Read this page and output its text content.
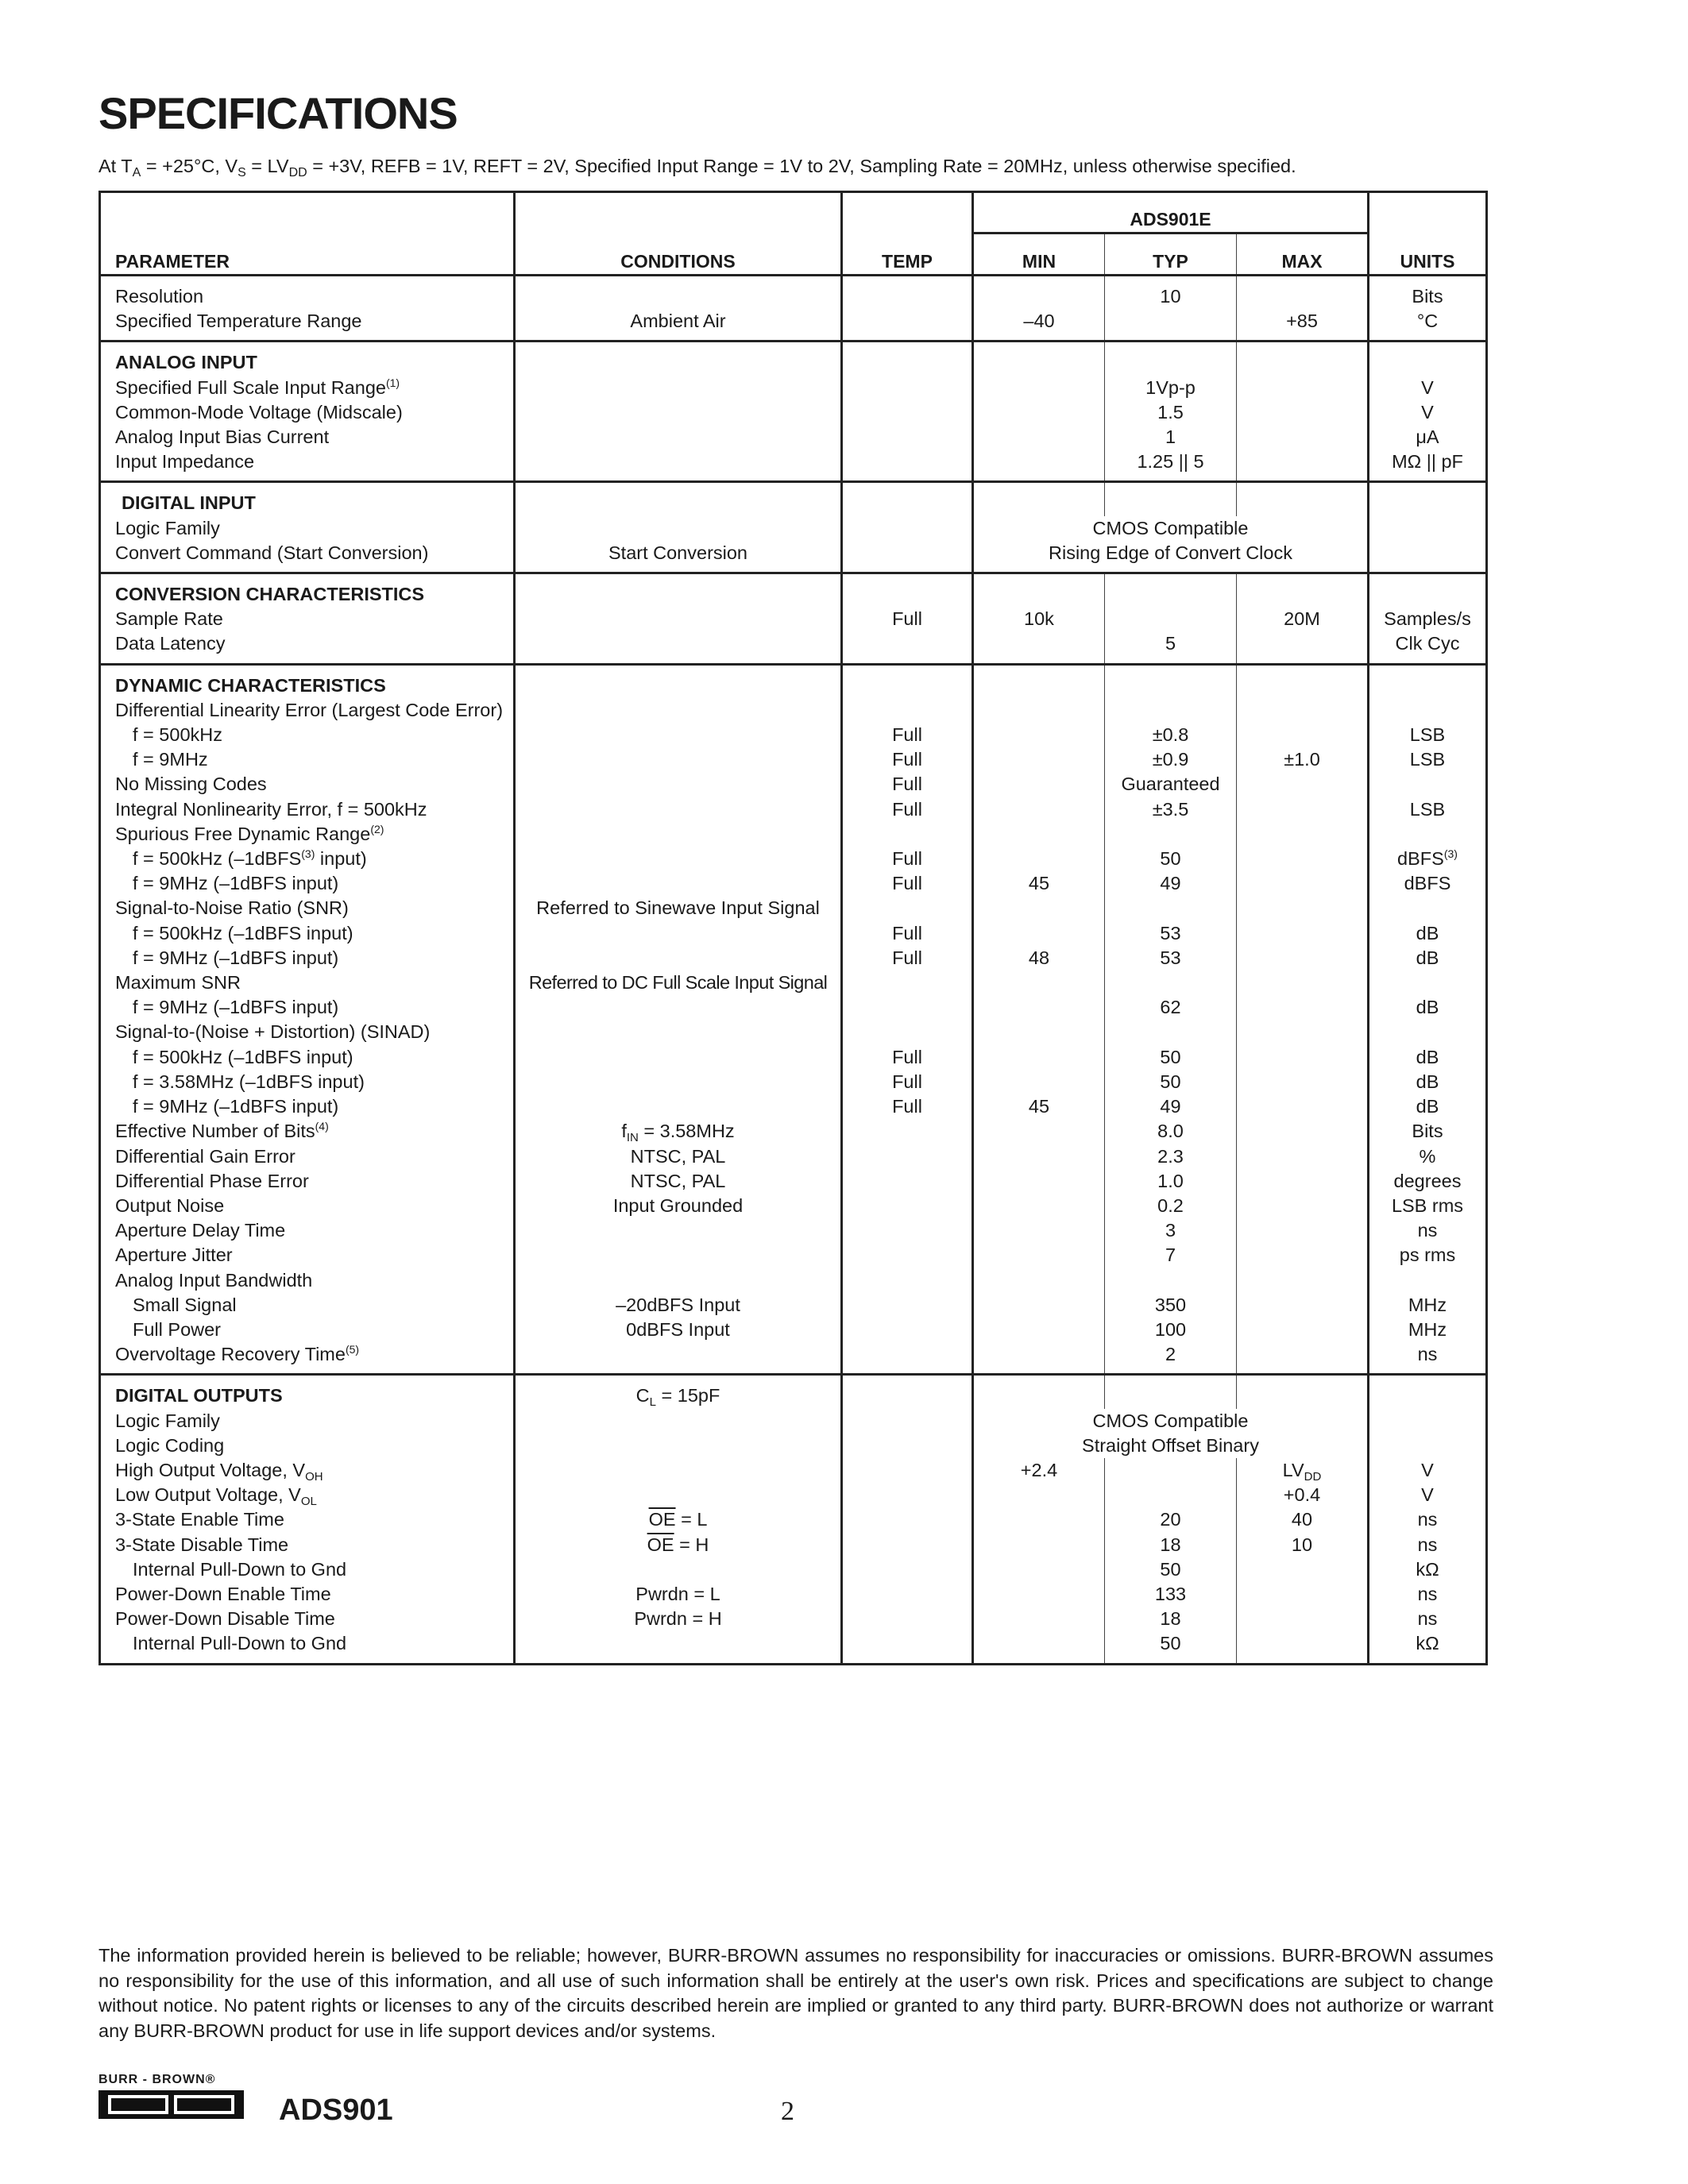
SPECIFICATIONS
At $T_A = +25^\circ C$, $V_S = LV_{DD} = +3V$, REFB = 1V, REFT = 2V, Specified Input Range = 1V to 2V, Sampling Rate = 20MHz, unless otherwise specified.
			ADS901E			
PARAMETER	CONDITIONS	TEMP	MIN	TYP	MAX	UNITS
Resolution				10		Bits
Specified Temperature Range	Ambient Air		–40		+85	°C
ANALOG INPUT						
Specified Full Scale Input Range$^{(1)}$				1Vp-p		V
Common-Mode Voltage (Midscale)				1.5		V
Analog Input Bias Current				1		μA
Input Impedance				1.25 || 5		MΩ || pF
DIGITAL INPUT						
Logic Family			CMOS Compatible			
Convert Command (Start Conversion)	Start Conversion		Rising Edge of Convert Clock			
CONVERSION CHARACTERISTICS						
Sample Rate		Full	10k		20M	Samples/s
Data Latency				5		Clk Cyc
DYNAMIC CHARACTERISTICS						
Differential Linearity Error (Largest Code Error)						
f = 500kHz		Full		±0.8		LSB
f = 9MHz		Full		±0.9	±1.0	LSB
No Missing Codes		Full		Guaranteed		
Integral Nonlinearity Error, f = 500kHz		Full		±3.5		LSB
Spurious Free Dynamic Range$^{(2)}$						
f = 500kHz (–1dBFS$^{(3)}$ input)		Full		50		dBFS$^{(3)}$
f = 9MHz (–1dBFS input)		Full	45	49		dBFS
Signal-to-Noise Ratio (SNR)	Referred to Sinewave Input Signal					
f = 500kHz (–1dBFS input)		Full		53		dB
f = 9MHz (–1dBFS input)		Full	48	53		dB
Maximum SNR	Referred to DC Full Scale Input Signal					
f = 9MHz (–1dBFS input)				62		dB
Signal-to-(Noise + Distortion) (SINAD)						
f = 500kHz (–1dBFS input)		Full		50		dB
f = 3.58MHz (–1dBFS input)		Full		50		dB
f = 9MHz (–1dBFS input)		Full	45	49		dB
Effective Number of Bits$^{(4)}$	$f_{IN} = 3.58MHz$			8.0		Bits
Differential Gain Error	NTSC, PAL			2.3		%
Differential Phase Error	NTSC, PAL			1.0		degrees
Output Noise	Input Grounded			0.2		LSB rms
Aperture Delay Time				3		ns
Aperture Jitter				7		ps rms
Analog Input Bandwidth						
Small Signal	–20dBFS Input			350		MHz
Full Power	0dBFS Input			100		MHz
Overvoltage Recovery Time$^{(5)}$				2		ns
DIGITAL OUTPUTS	$C_L = 15pF$					
Logic Family			CMOS Compatible			
Logic Coding			Straight Offset Binary			
High Output Voltage, $V_{OH}$			+2.4		$LV_{DD}$	V
Low Output Voltage, $V_{OL}$					+0.4	V
3-State Enable Time	$\overline{OE} = L$			20	40	ns
3-State Disable Time	$\overline{OE} = H$			18	10	ns
Internal Pull-Down to Gnd				50		kΩ
Power-Down Enable Time	Pwrdn = L			133		ns
Power-Down Disable Time	Pwrdn = H			18		ns
Internal Pull-Down to Gnd				50		kΩ
The information provided herein is believed to be reliable; however, BURR-BROWN assumes no responsibility for inaccuracies or omissions. BURR-BROWN assumes no responsibility for the use of this information, and all use of such information shall be entirely at the user's own risk. Prices and specifications are subject to change without notice. No patent rights or licenses to any of the circuits described herein are implied or granted to any third party. BURR-BROWN does not authorize or warrant any BURR-BROWN product for use in life support devices and/or systems.
BURR - BROWN®
ADS901	2
